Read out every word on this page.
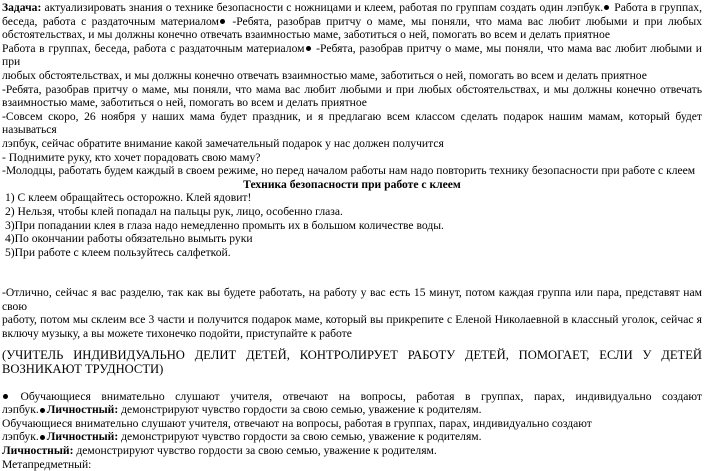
Задача: актуализировать знания о технике безопасности с ножницами и клеем, работая по группам создать один лэпбук. Работа в группах,
беседа, работа с раздаточным материалом -Ребята, разобрав притчу о маме, мы поняли, что мама вас любит любыми и при любых
обстоятельствах, и мы должны конечно отвечать взаимностью маме, заботиться о ней, помогать во всем и делать приятное
Работа в группах, беседа, работа с раздаточным материалом -Ребята, разобрав притчу о маме, мы поняли, что мама вас любит любыми и при
любых обстоятельствах, и мы должны конечно отвечать взаимностью маме, заботиться о ней, помогать во всем и делать приятное
-Ребята, разобрав притчу о маме, мы поняли, что мама вас любит любыми и при любых обстоятельствах, и мы должны конечно отвечать
взаимностью маме, заботиться о ней, помогать во всем и делать приятное
-Совсем скоро, 26 ноября у наших мама будет праздник, и я предлагаю всем классом сделать подарок нашим мамам, который будет называться
лэпбук, сейчас обратите внимание какой замечательный подарок у нас должен получится
- Поднимите руку, кто хочет порадовать свою маму?
-Молодцы, работать будем каждый в своем режиме, но перед началом работы нам надо повторить технику безопасности при работе с клеем
Техника безопасности при работе с клеем
1) С клеем обращайтесь осторожно. Клей ядовит!
2) Нельзя, чтобы клей попадал на пальцы рук, лицо, особенно глаза.
3)При попадании клея в глаза надо немедленно промыть их в большом количестве воды.
4)По окончании работы обязательно вымыть руки
5)При работе с клеем пользуйтесь салфеткой.
-Отлично, сейчас я вас разделю, так как вы будете работать, на работу у вас есть 15 минут, потом каждая группа или пара, представят нам свою
работу, потом мы склеим все 3 части и получится подарок маме, который вы прикрепите с Еленой Николаевной в классный уголок, сейчас я
включу музыку, а вы можете тихонечко подойти, приступайте к работе
(УЧИТЕЛЬ ИНДИВИДУАЛЬНО ДЕЛИТ ДЕТЕЙ, КОНТРОЛИРУЕТ РАБОТУ ДЕТЕЙ, ПОМОГАЕТ, ЕСЛИ У ДЕТЕЙ ВОЗНИКАЮТ ТРУДНОСТИ)
Обучающиеся внимательно слушают учителя, отвечают на вопросы, работая в группах, парах, индивидуально создают
лэпбук. Личностный: демонстрируют чувство гордости за свою семью, уважение к родителям.
Обучающиеся внимательно слушают учителя, отвечают на вопросы, работая в группах, парах, индивидуально создают
лэпбук. Личностный: демонстрируют чувство гордости за свою семью, уважение к родителям.
Личностный: демонстрируют чувство гордости за свою семью, уважение к родителям.
Метапредметный:
